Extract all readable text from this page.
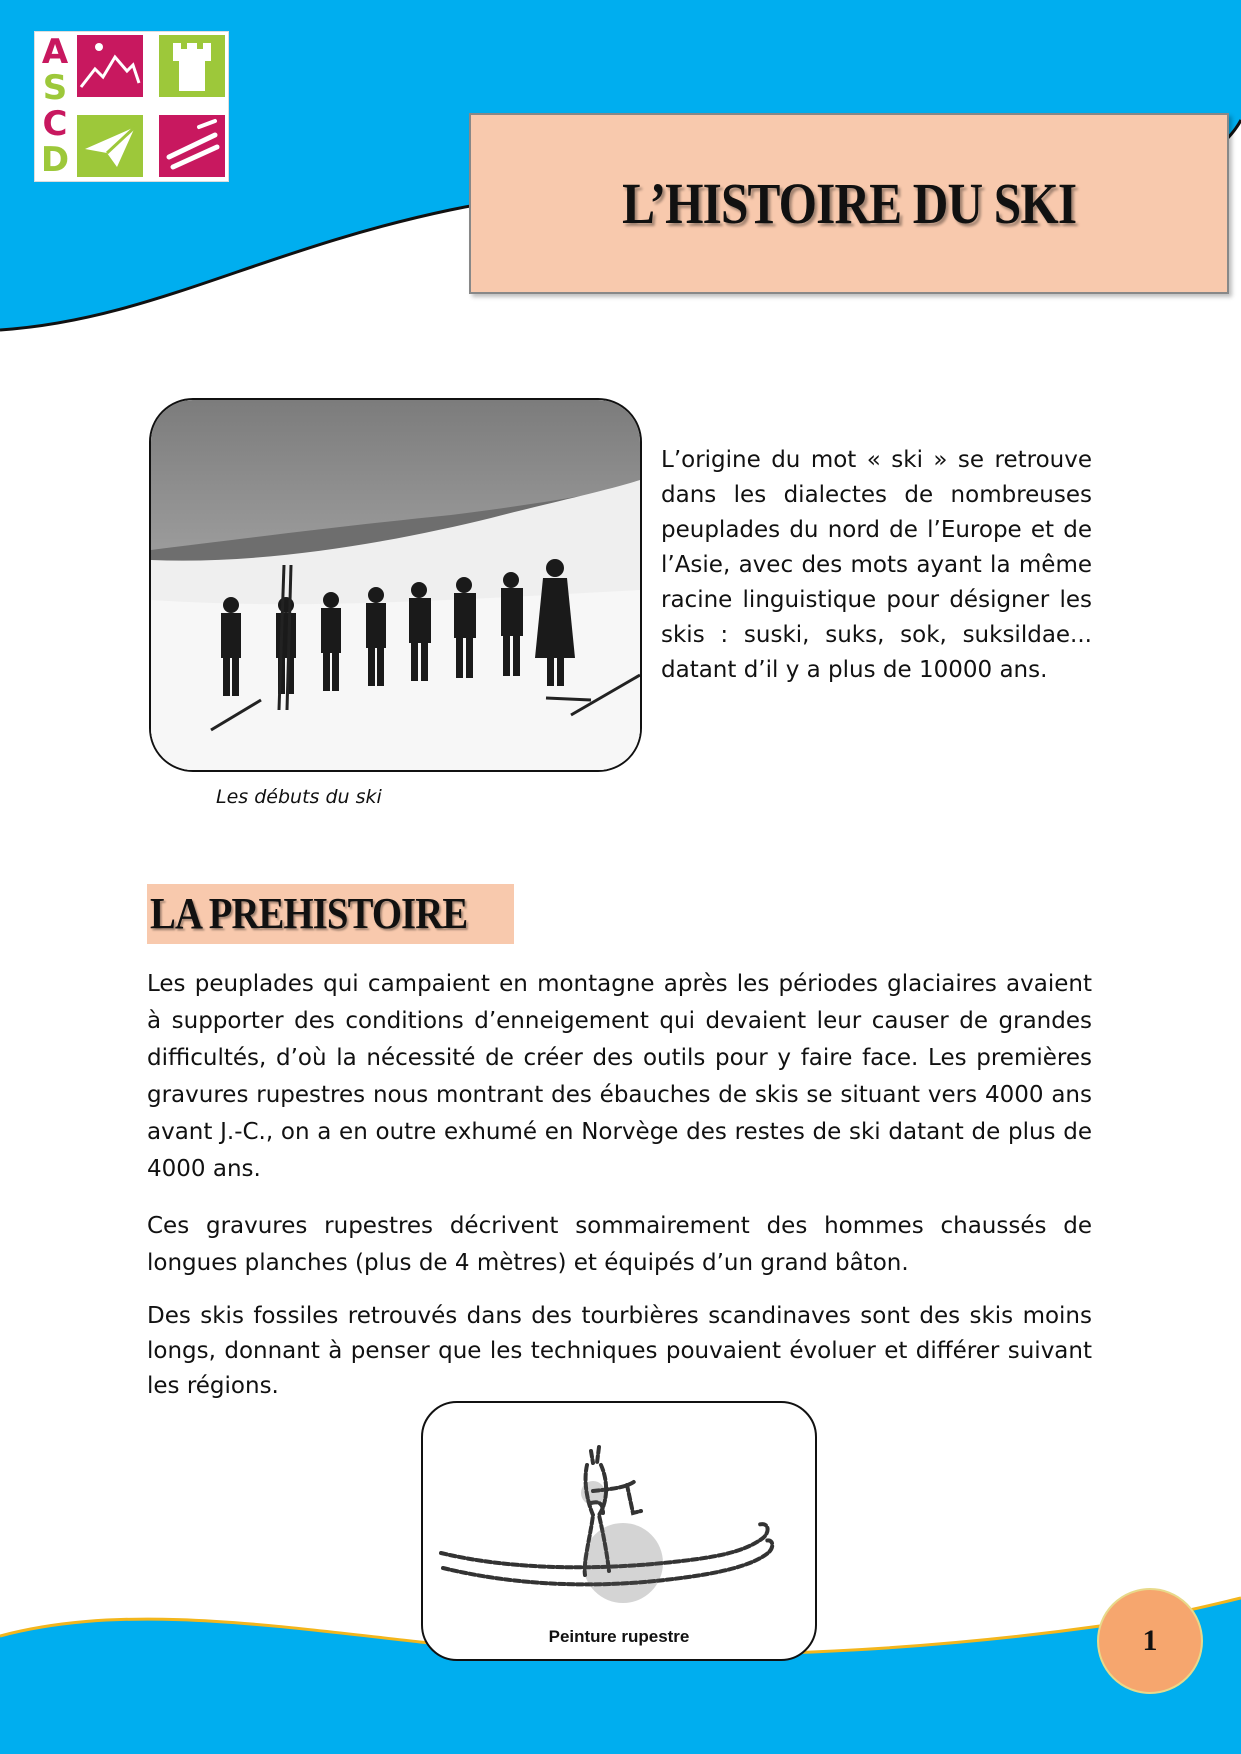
A
S
C
D
L’HISTOIRE DU SKI
Les débuts du ski

L’origine du mot « ski » se retrouve dans les dialectes de nombreuses peuplades du nord de l’Europe et de l’Asie, avec des mots ayant la même racine linguistique pour désigner les skis : suski, suks, sok, suksildae... datant d’il y a plus de 10000 ans.

LA PREHISTOIRE

Les peuplades qui campaient en montagne après les périodes glaciaires avaient à supporter des conditions d’enneigement qui devaient leur causer de grandes difficultés, d’où la nécessité de créer des outils pour y faire face. Les premières gravures rupestres nous montrant des ébauches de skis se situant vers 4000 ans avant J.-C., on a en outre exhumé en Norvège des restes de ski datant de plus de 4000 ans.

Ces gravures rupestres décrivent sommairement des hommes chaussés de longues planches (plus de 4 mètres) et équipés d’un grand bâton.

Des skis fossiles retrouvés dans des tourbières scandinaves sont des skis moins longs, donnant à penser que les techniques pouvaient évoluer et différer suivant les régions.

Peinture rupestre	1
